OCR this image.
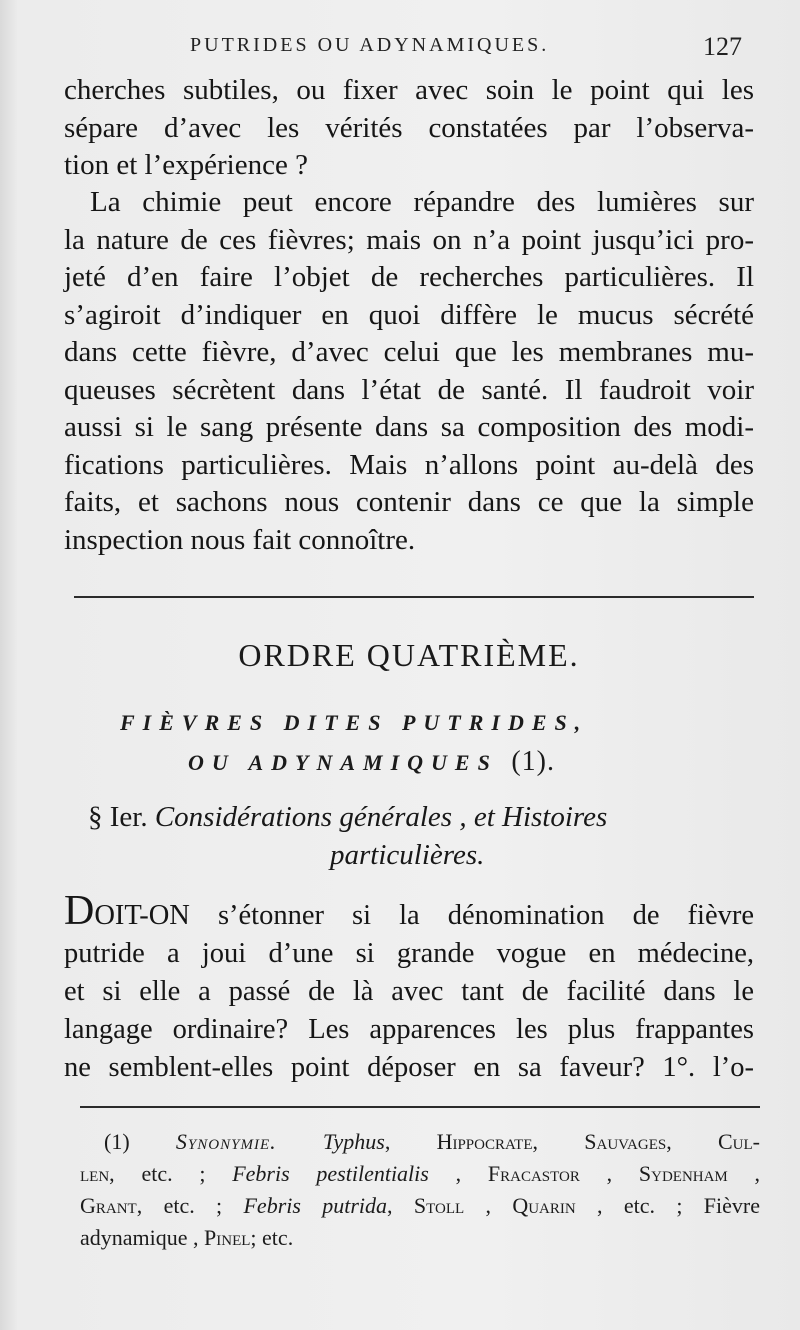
PUTRIDES OU ADYNAMIQUES.	127
cherches subtiles, ou fixer avec soin le point qui les
sépare d’avec les vérités constatées par l’observa-
tion et l’expérience ?
La chimie peut encore répandre des lumières sur
la nature de ces fièvres; mais on n’a point jusqu’ici pro-
jeté d’en faire l’objet de recherches particulières. Il
s’agiroit d’indiquer en quoi diffère le mucus sécrété
dans cette fièvre, d’avec celui que les membranes mu-
queuses sécrètent dans l’état de santé. Il faudroit voir
aussi si le sang présente dans sa composition des modi-
fications particulières. Mais n’allons point au-delà des
faits, et sachons nous contenir dans ce que la simple
inspection nous fait connoître.
ORDRE QUATRIÈME.
FIÈVRES DITES PUTRIDES,
OU ADYNAMIQUES (1).
§ Ier. Considérations générales , et Histoires
particulières.
DOIT-ON s’étonner si la dénomination de fièvre
putride a joui d’une si grande vogue en médecine,
et si elle a passé de là avec tant de facilité dans le
langage ordinaire? Les apparences les plus frappantes
ne semblent-elles point déposer en sa faveur? 1°. l’o-
(1) Synonymie. Typhus, Hippocrate, Sauvages, Cul-
len, etc. ; Febris pestilentialis , Fracastor , Sydenham ,
Grant, etc. ; Febris putrida, Stoll , Quarin , etc. ; Fièvre
adynamique , Pinel; etc.
